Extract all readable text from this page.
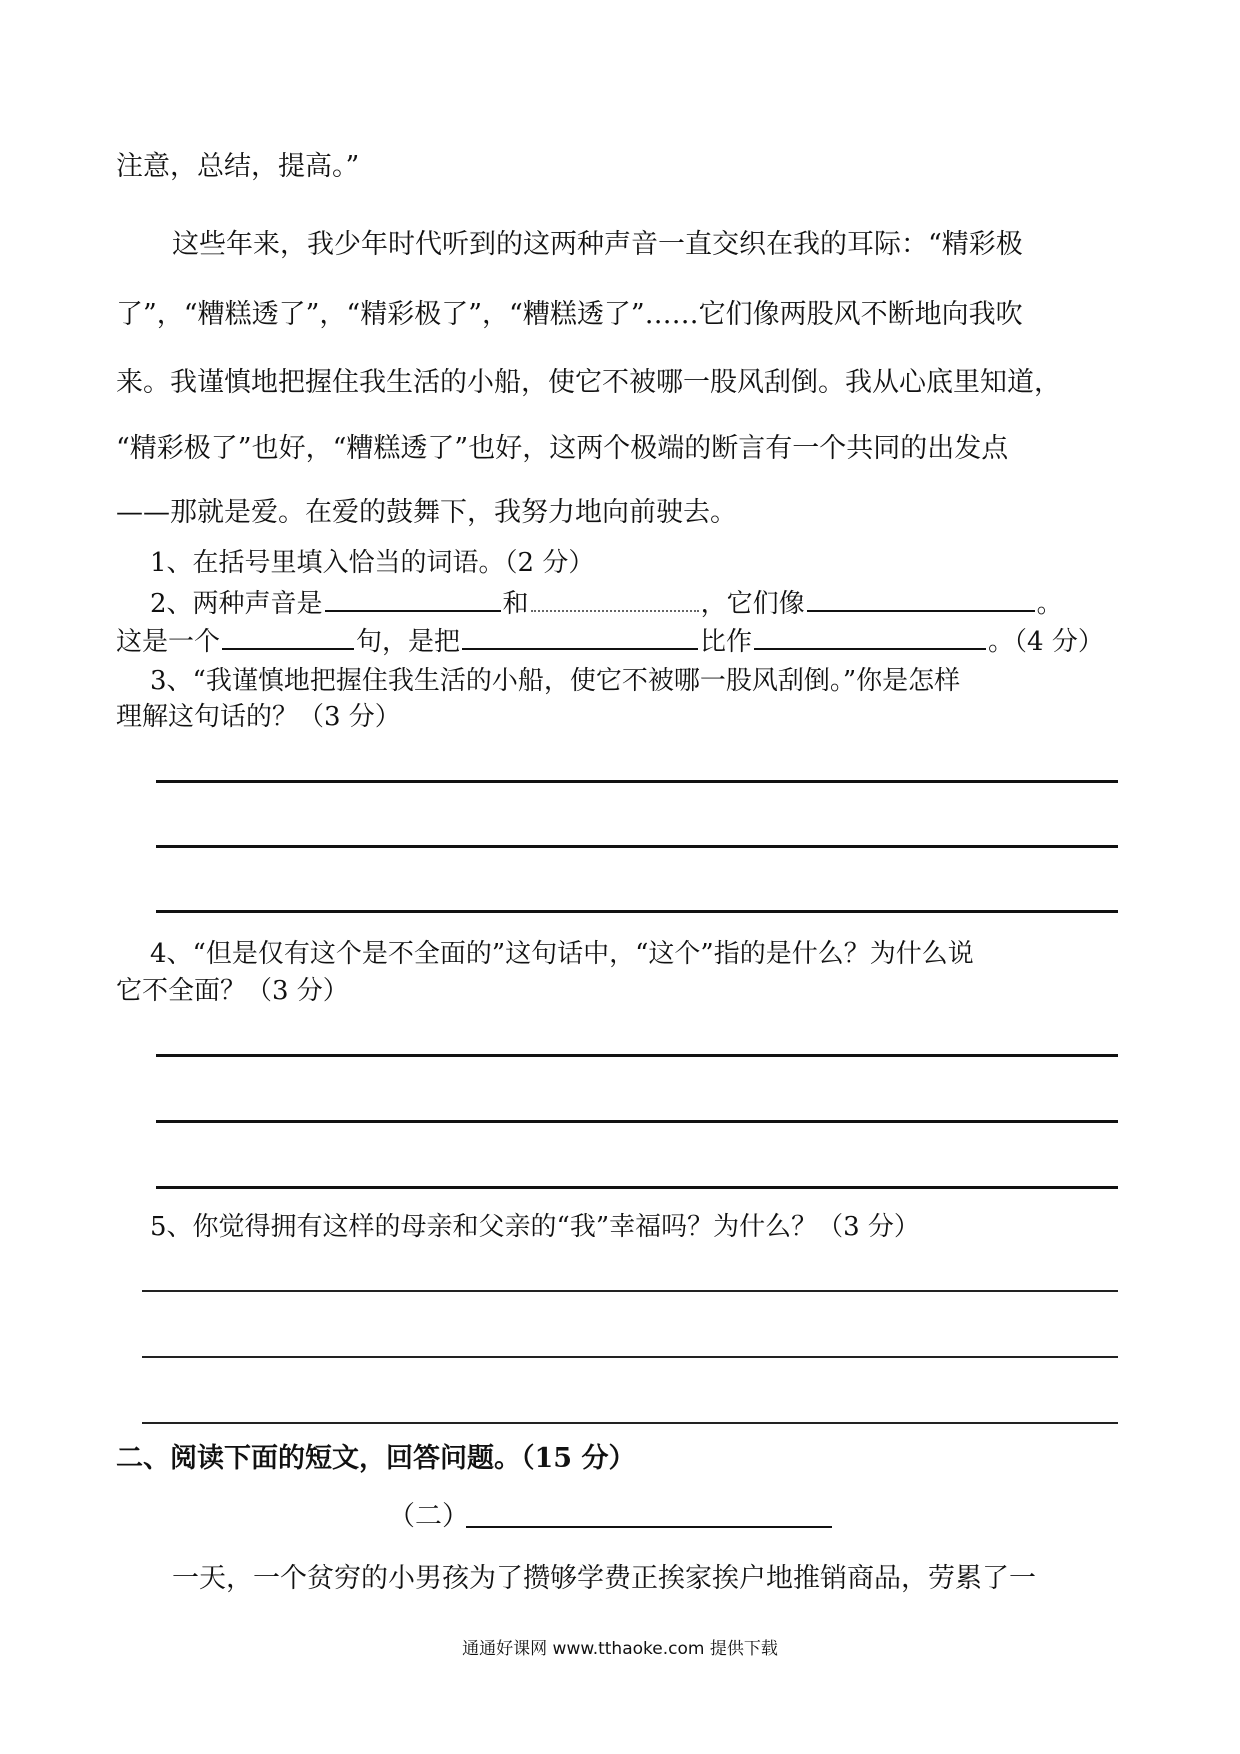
注意，总结，提高。”
这些年来，我少年时代听到的这两种声音一直交织在我的耳际：“精彩极
了”，“糟糕透了”，“精彩极了”，“糟糕透了”……它们像两股风不断地向我吹
来。我谨慎地把握住我生活的小船，使它不被哪一股风刮倒。我从心底里知道，
“精彩极了”也好，“糟糕透了”也好，这两个极端的断言有一个共同的出发点
——那就是爱。在爱的鼓舞下，我努力地向前驶去。
1、在括号里填入恰当的词语。（2 分）
2、两种声音是	和	，它们像	。
这是一个	句，是把	比作	。（4 分）
3、“我谨慎地把握住我生活的小船，使它不被哪一股风刮倒。”你是怎样
理解这句话的？（3 分）
4、“但是仅有这个是不全面的”这句话中，“这个”指的是什么？为什么说
它不全面？（3 分）
5、你觉得拥有这样的母亲和父亲的“我”幸福吗？为什么？（3 分）
二、阅读下面的短文，回答问题。（15 分）
（二）
一天，一个贫穷的小男孩为了攒够学费正挨家挨户地推销商品，劳累了一
通通好课网 www.tthaoke.com 提供下载
